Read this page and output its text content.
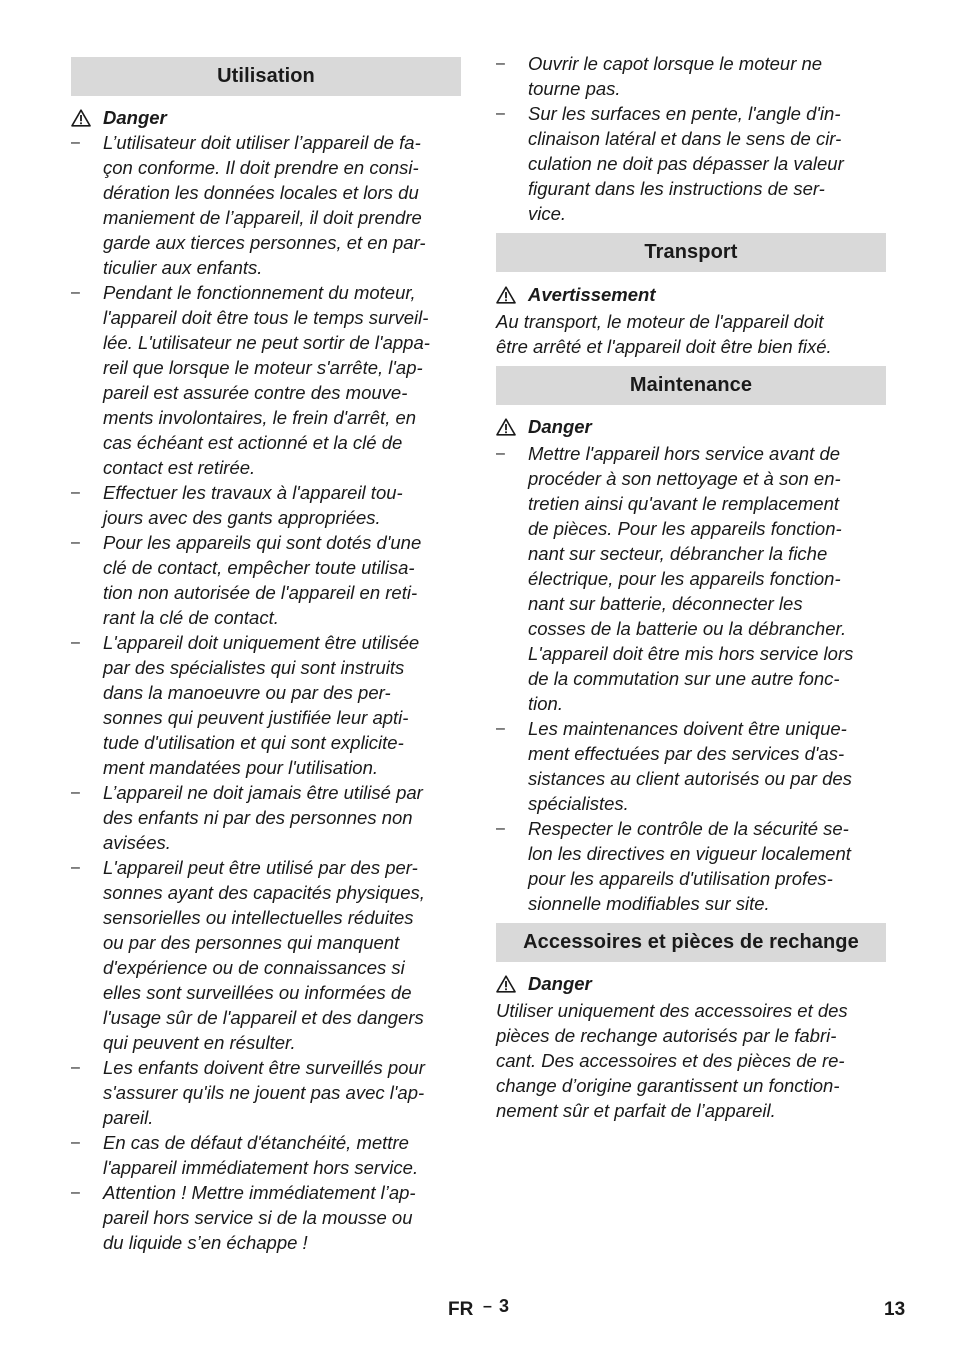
Utilisation
Danger
– L’utilisateur doit utiliser l’appareil de fa-
çon conforme. Il doit prendre en consi-
dération les données locales et lors du
maniement de l’appareil, il doit prendre
garde aux tierces personnes, et en par-
ticulier aux enfants.
– Pendant le fonctionnement du moteur,
l'appareil doit être tous le temps surveil-
lée. L'utilisateur ne peut sortir de l'appa-
reil que lorsque le moteur s'arrête, l'ap-
pareil est assurée contre des mouve-
ments involontaires, le frein d'arrêt, en
cas échéant est actionné et la clé de
contact est retirée.
– Effectuer les travaux à l'appareil tou-
jours avec des gants appropriées.
– Pour les appareils qui sont dotés d'une
clé de contact, empêcher toute utilisa-
tion non autorisée de l'appareil en reti-
rant la clé de contact.
– L'appareil doit uniquement être utilisée
par des spécialistes qui sont instruits
dans la manoeuvre ou par des per-
sonnes qui peuvent justifiée leur apti-
tude d'utilisation et qui sont explicite-
ment mandatées pour l'utilisation.
– L’appareil ne doit jamais être utilisé par
des enfants ni par des personnes non
avisées.
– L'appareil peut être utilisé par des per-
sonnes ayant des capacités physiques,
sensorielles ou intellectuelles réduites
ou par des personnes qui manquent
d'expérience ou de connaissances si
elles sont surveillées ou informées de
l'usage sûr de l'appareil et des dangers
qui peuvent en résulter.
– Les enfants doivent être surveillés pour
s'assurer qu'ils ne jouent pas avec l'ap-
pareil.
– En cas de défaut d'étanchéité, mettre
l'appareil immédiatement hors service.
– Attention ! Mettre immédiatement l’ap-
pareil hors service si de la mousse ou
du liquide s’en échappe !
– Ouvrir le capot lorsque le moteur ne
tourne pas.
– Sur les surfaces en pente, l'angle d'in-
clinaison latéral et dans le sens de cir-
culation ne doit pas dépasser la valeur
figurant dans les instructions de ser-
vice.
Transport
Avertissement
Au transport, le moteur de l'appareil doit
être arrêté et l'appareil doit être bien fixé.
Maintenance
Danger
– Mettre l'appareil hors service avant de
procéder à son nettoyage et à son en-
tretien ainsi qu'avant le remplacement
de pièces. Pour les appareils fonction-
nant sur secteur, débrancher la fiche
électrique, pour les appareils fonction-
nant sur batterie, déconnecter les
cosses de la batterie ou la débrancher.
L'appareil doit être mis hors service lors
de la commutation sur une autre fonc-
tion.
– Les maintenances doivent être unique-
ment effectuées par des services d'as-
sistances au client autorisés ou par des
spécialistes.
– Respecter le contrôle de la sécurité se-
lon les directives en vigueur localement
pour les appareils d'utilisation profes-
sionnelle modifiables sur site.
Accessoires et pièces de rechange
Danger
Utiliser uniquement des accessoires et des
pièces de rechange autorisés par le fabri-
cant. Des accessoires et des pièces de re-
change d’origine garantissent un fonction-
nement sûr et parfait de l’appareil.
FR – 3	13
